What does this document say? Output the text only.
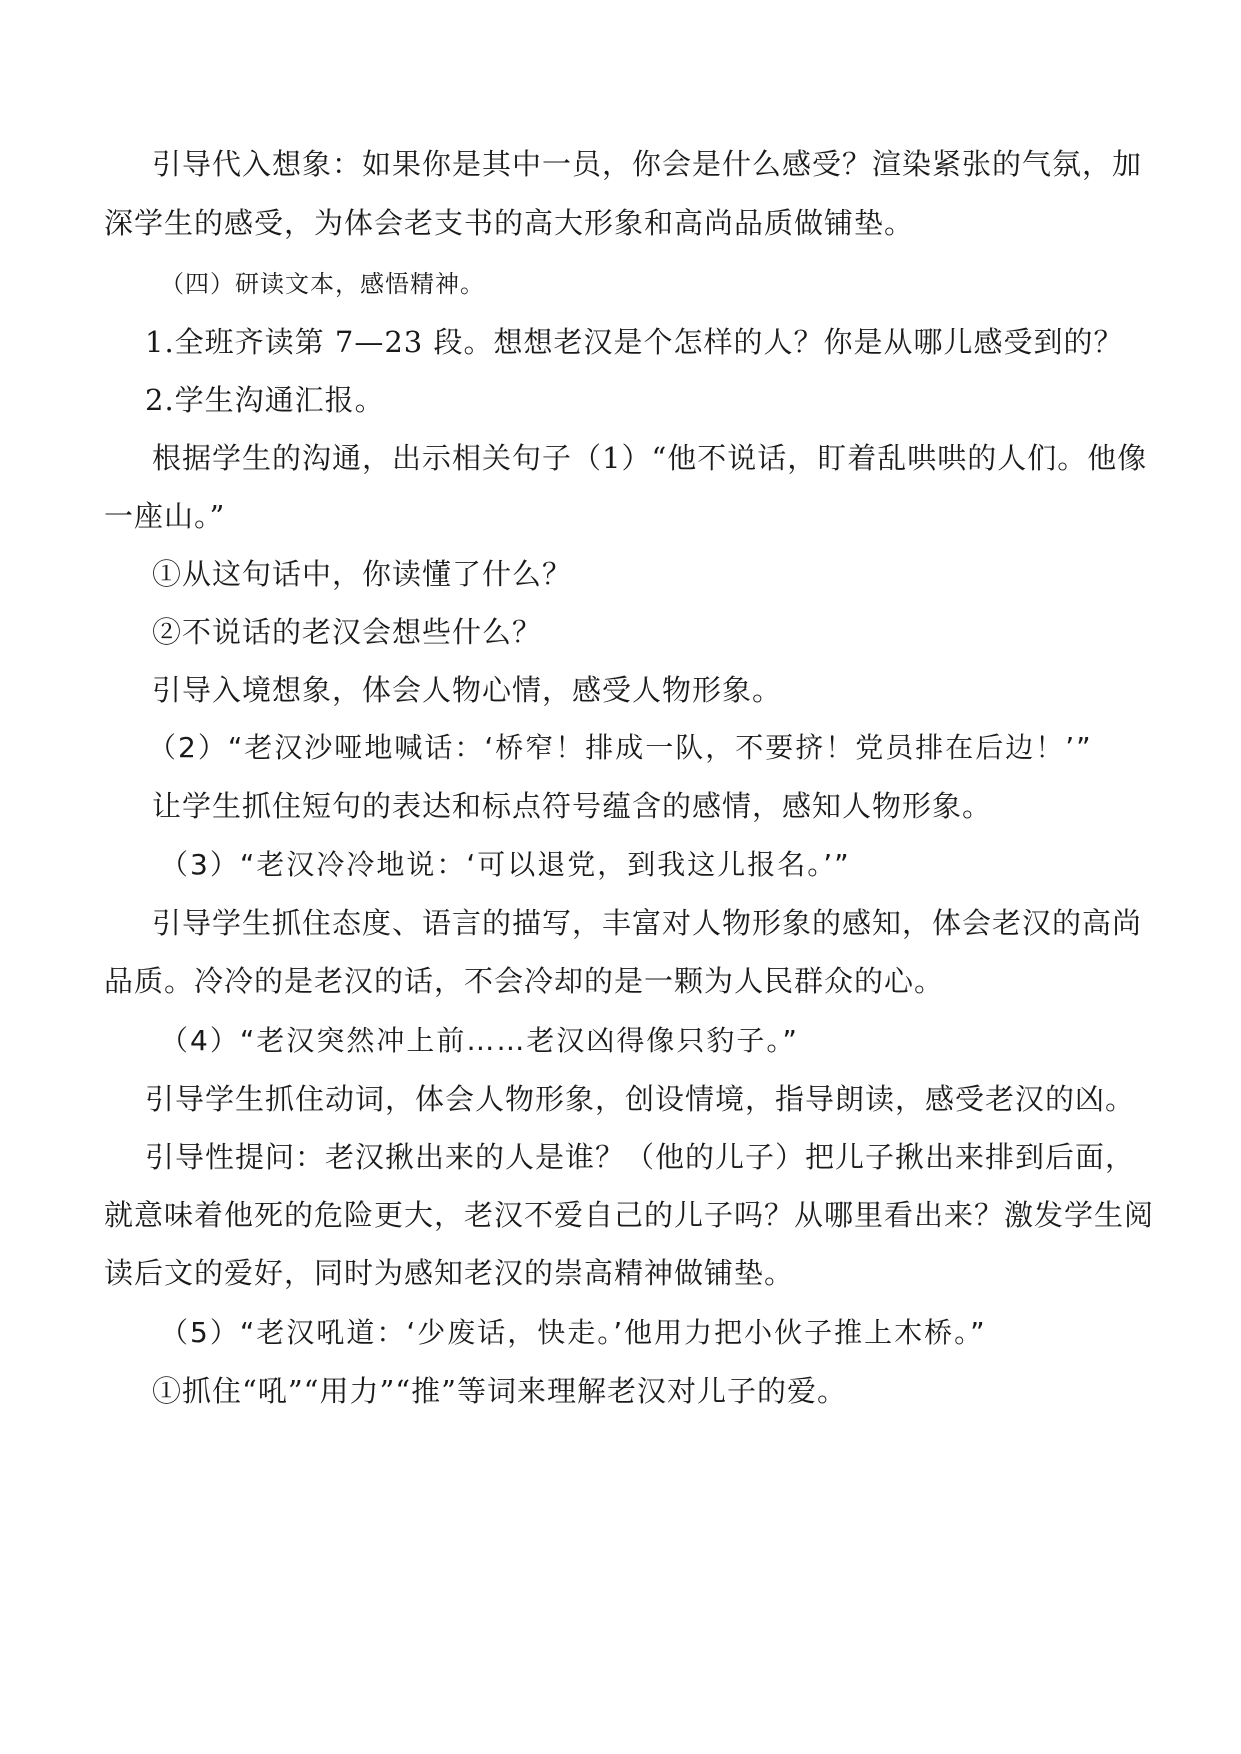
引导代入想象：如果你是其中一员，你会是什么感受？渲染紧张的气氛，加
深学生的感受，为体会老支书的高大形象和高尚品质做铺垫。
（四）研读文本，感悟精神。
1.全班齐读第 7—23 段。想想老汉是个怎样的人？你是从哪儿感受到的？
2.学生沟通汇报。
根据学生的沟通，出示相关句子（1）“他不说话，盯着乱哄哄的人们。他像
一座山。”
①从这句话中，你读懂了什么？
②不说话的老汉会想些什么？
引导入境想象，体会人物心情，感受人物形象。
（2）“老汉沙哑地喊话：‘桥窄！排成一队，不要挤！党员排在后边！’”
让学生抓住短句的表达和标点符号蕴含的感情，感知人物形象。
（3）“老汉冷冷地说：‘可以退党，到我这儿报名。’”
引导学生抓住态度、语言的描写，丰富对人物形象的感知，体会老汉的高尚
品质。冷冷的是老汉的话，不会冷却的是一颗为人民群众的心。
（4）“老汉突然冲上前……老汉凶得像只豹子。”
引导学生抓住动词，体会人物形象，创设情境，指导朗读，感受老汉的凶。
引导性提问：老汉揪出来的人是谁？（他的儿子）把儿子揪出来排到后面，
就意味着他死的危险更大，老汉不爱自己的儿子吗？从哪里看出来？激发学生阅
读后文的爱好，同时为感知老汉的崇高精神做铺垫。
（5）“老汉吼道：‘少废话，快走。’他用力把小伙子推上木桥。”
①抓住“吼”“用力”“推”等词来理解老汉对儿子的爱。
